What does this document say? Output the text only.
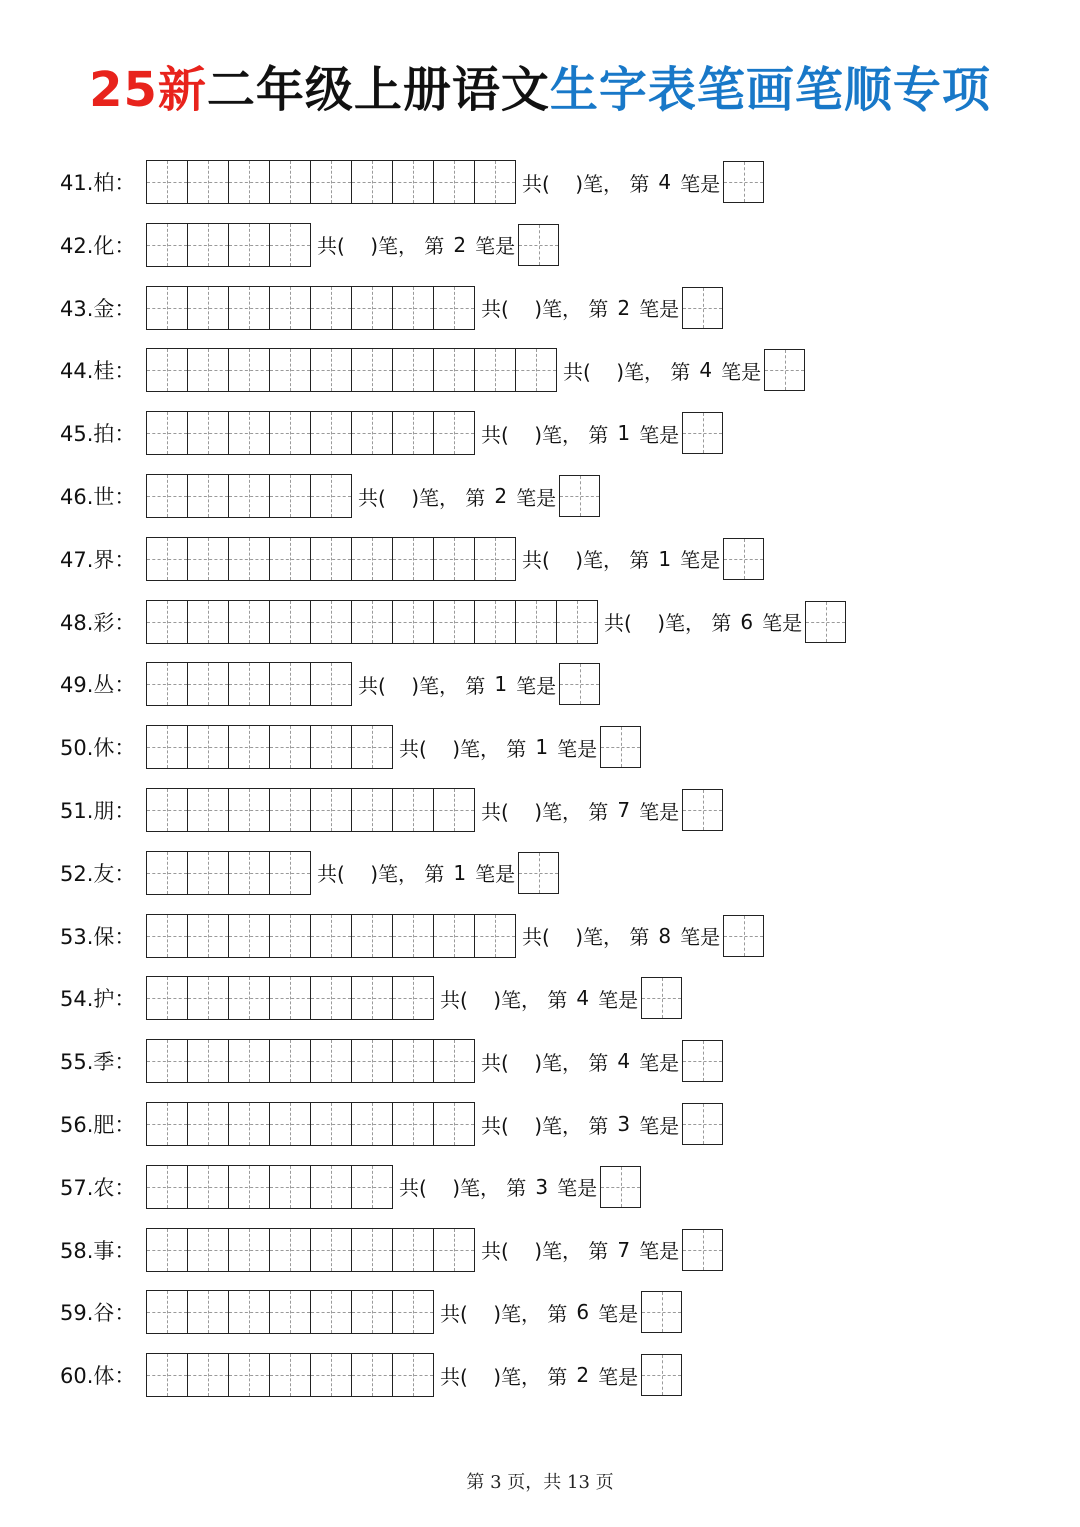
25新二年级上册语文生字表笔画笔顺专项
41.柏：	共( )笔， 第 4 笔是
42.化：	共( )笔， 第 2 笔是
43.金：	共( )笔， 第 2 笔是
44.桂：	共( )笔， 第 4 笔是
45.拍：	共( )笔， 第 1 笔是
46.世：	共( )笔， 第 2 笔是
47.界：	共( )笔， 第 1 笔是
48.彩：	共( )笔， 第 6 笔是
49.丛：	共( )笔， 第 1 笔是
50.休：	共( )笔， 第 1 笔是
51.朋：	共( )笔， 第 7 笔是
52.友：	共( )笔， 第 1 笔是
53.保：	共( )笔， 第 8 笔是
54.护：	共( )笔， 第 4 笔是
55.季：	共( )笔， 第 4 笔是
56.肥：	共( )笔， 第 3 笔是
57.农：	共( )笔， 第 3 笔是
58.事：	共( )笔， 第 7 笔是
59.谷：	共( )笔， 第 6 笔是
60.体：	共( )笔， 第 2 笔是
第 3 页，共 13 页
